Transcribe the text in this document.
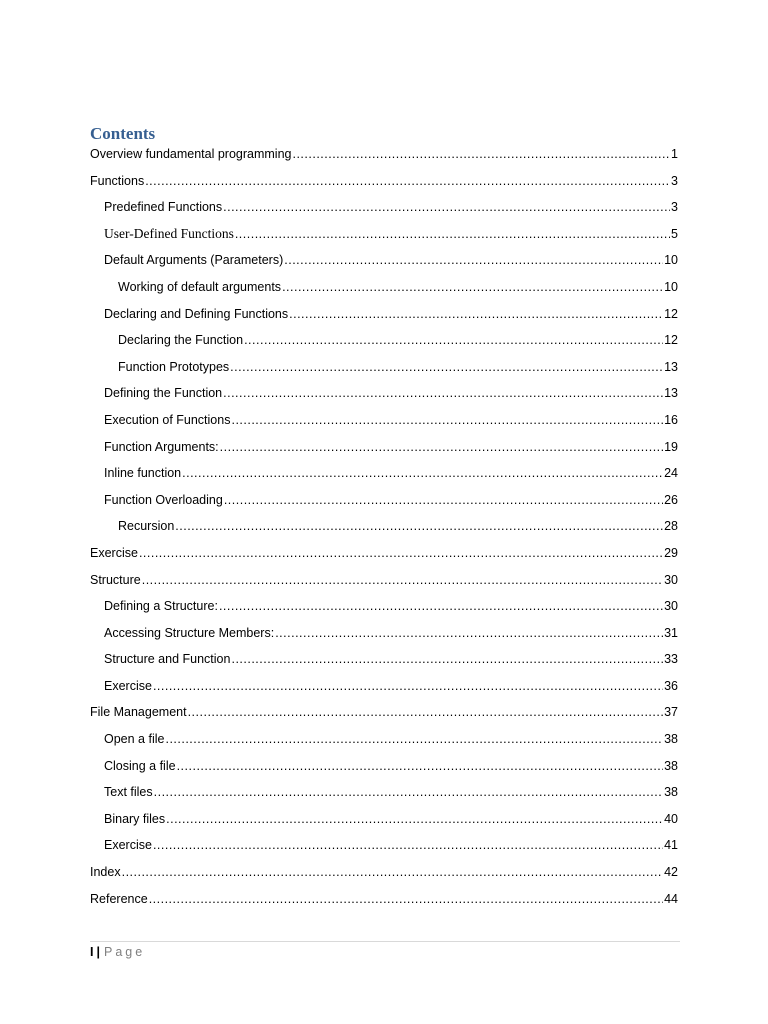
Contents
Overview fundamental programming .....	1
Functions .....	3
Predefined Functions .....	3
User-Defined Functions .....	5
Default Arguments (Parameters) .....	10
Working of default arguments .....	10
Declaring and Defining Functions .....	12
Declaring the Function .....	12
Function Prototypes .....	13
Defining the Function .....	13
Execution of Functions .....	16
Function Arguments: .....	19
Inline function .....	24
Function Overloading .....	26
Recursion .....	28
Exercise .....	29
Structure .....	30
Defining a Structure: .....	30
Accessing Structure Members: .....	31
Structure and Function .....	33
Exercise .....	36
File Management .....	37
Open a file .....	38
Closing a file .....	38
Text files .....	38
Binary files .....	40
Exercise .....	41
Index .....	42
Reference .....	44
I | Page
